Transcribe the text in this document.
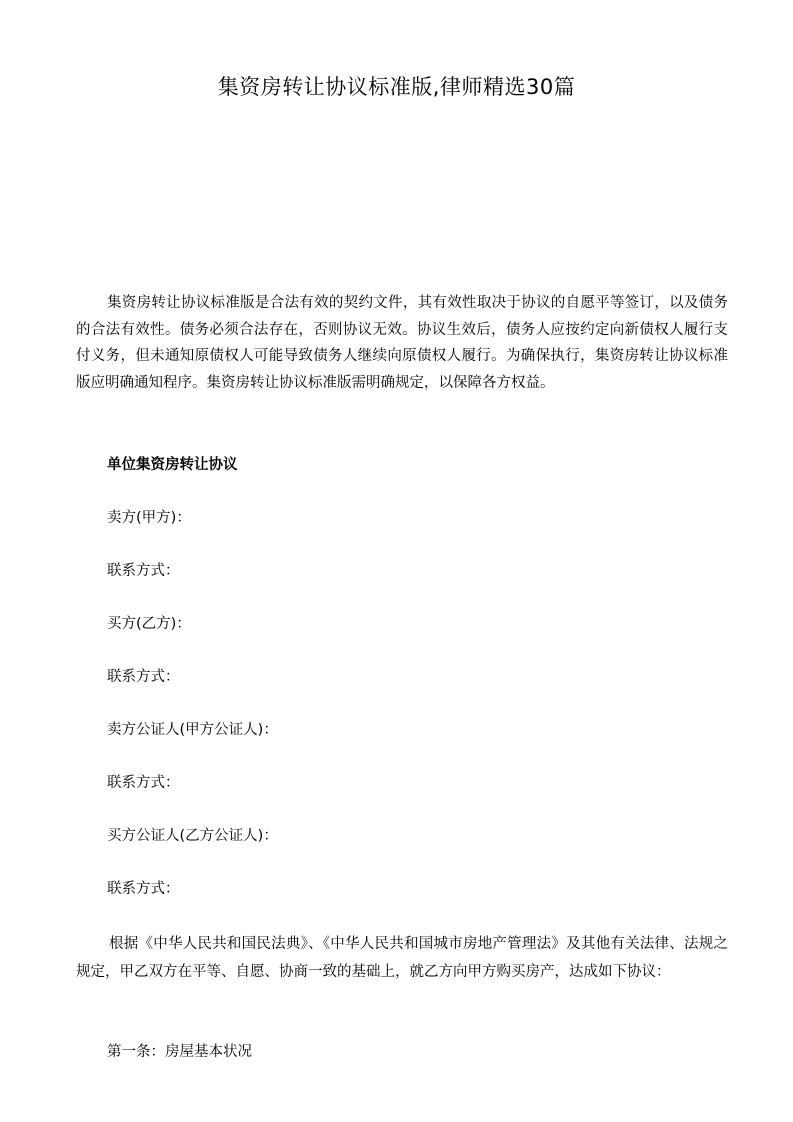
集资房转让协议标准版,律师精选30篇

集资房转让协议标准版是合法有效的契约文件，其有效性取决于协议的自愿平等签订，以及债务的合法有效性。债务必须合法存在，否则协议无效。协议生效后，债务人应按约定向新债权人履行支付义务，但未通知原债权人可能导致债务人继续向原债权人履行。为确保执行，集资房转让协议标准版应明确通知程序。集资房转让协议标准版需明确规定，以保障各方权益。

单位集资房转让协议
卖方(甲方)：
联系方式：
买方(乙方)：
联系方式：
卖方公证人(甲方公证人)：
联系方式：
买方公证人(乙方公证人)：
联系方式：

根据《中华人民共和国民法典》、《中华人民共和国城市房地产管理法》及其他有关法律、法规之规定，甲乙双方在平等、自愿、协商一致的基础上，就乙方向甲方购买房产，达成如下协议：

第一条：房屋基本状况
